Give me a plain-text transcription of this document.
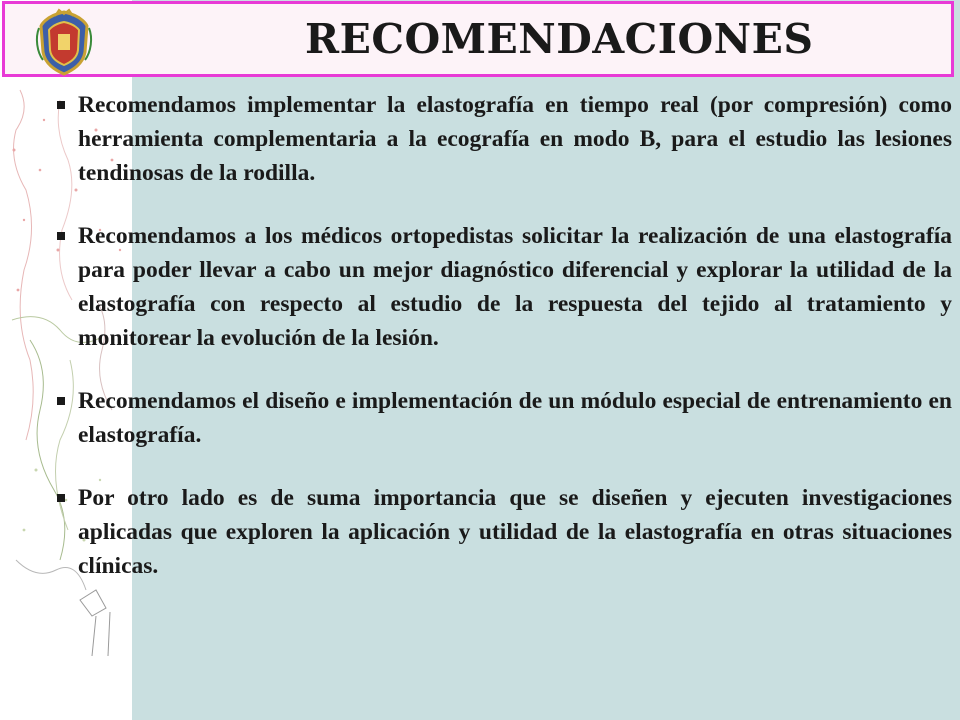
RECOMENDACIONES
Recomendamos implementar la elastografía en tiempo real (por compresión) como herramienta complementaria a la ecografía en modo B, para el estudio las lesiones tendinosas de la rodilla.
Recomendamos a los médicos ortopedistas solicitar la realización de una elastografía para poder llevar a cabo un mejor diagnóstico diferencial y explorar la utilidad de la elastografía con respecto al estudio de la respuesta del tejido al tratamiento y monitorear la evolución de la lesión.
Recomendamos el diseño e implementación de un módulo especial de entrenamiento en elastografía.
Por otro lado es de suma importancia que se diseñen y ejecuten investigaciones aplicadas que exploren la aplicación y utilidad de la elastografía en otras situaciones clínicas.
